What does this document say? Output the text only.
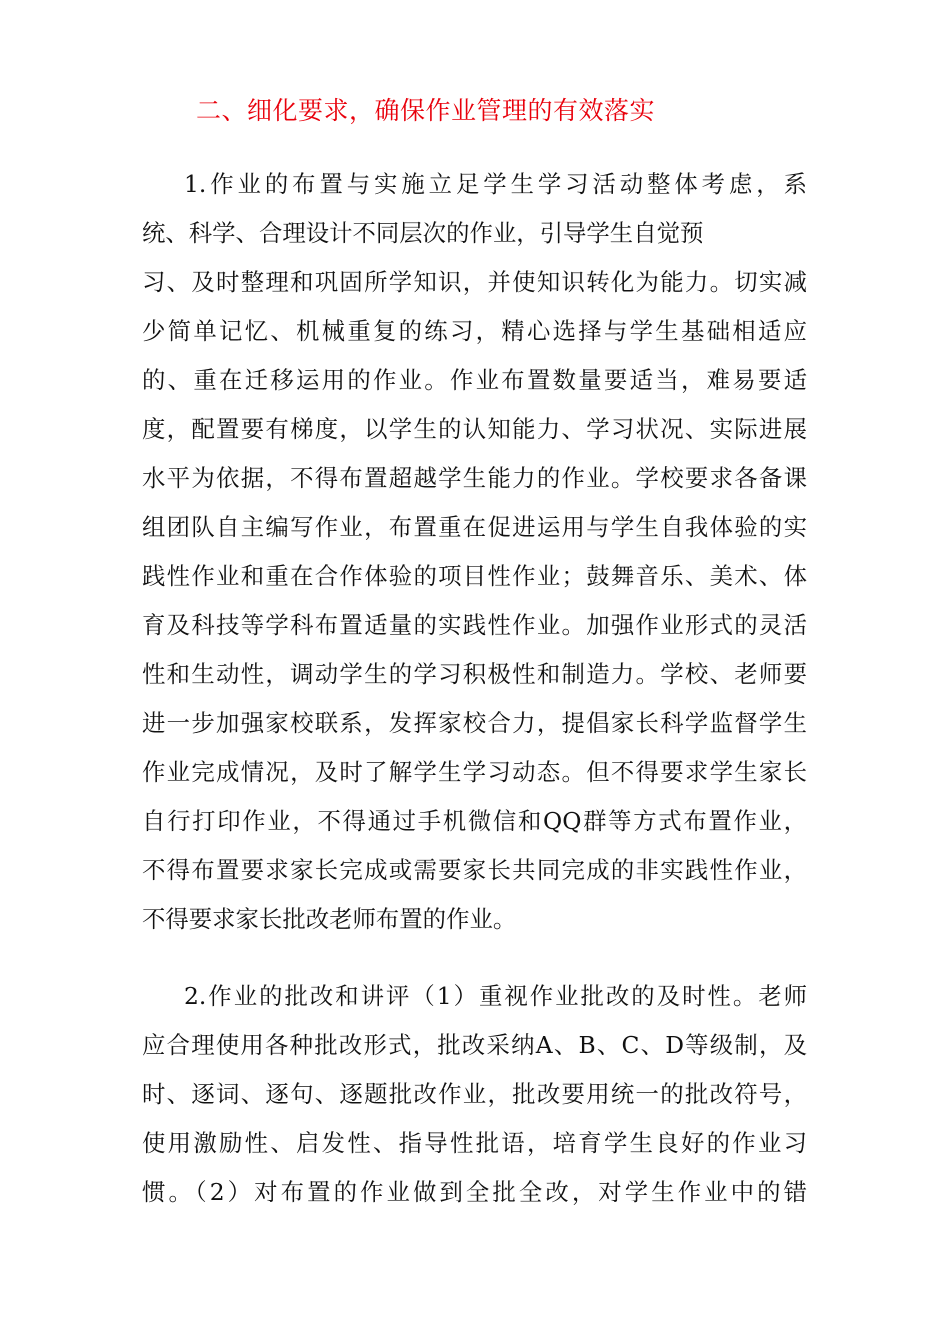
二、细化要求，确保作业管理的有效落实
1.作业的布置与实施立足学生学习活动整体考虑，系
统、科学、合理设计不同层次的作业，引导学生自觉预
习、及时整理和巩固所学知识，并使知识转化为能力。切实减
少简单记忆、机械重复的练习，精心选择与学生基础相适应
的、重在迁移运用的作业。作业布置数量要适当，难易要适
度，配置要有梯度，以学生的认知能力、学习状况、实际进展
水平为依据，不得布置超越学生能力的作业。学校要求各备课
组团队自主编写作业，布置重在促进运用与学生自我体验的实
践性作业和重在合作体验的项目性作业；鼓舞音乐、美术、体
育及科技等学科布置适量的实践性作业。加强作业形式的灵活
性和生动性，调动学生的学习积极性和制造力。学校、老师要
进一步加强家校联系，发挥家校合力，提倡家长科学监督学生
作业完成情况，及时了解学生学习动态。但不得要求学生家长
自行打印作业，不得通过手机微信和QQ群等方式布置作业，
不得布置要求家长完成或需要家长共同完成的非实践性作业，
不得要求家长批改老师布置的作业。
2.作业的批改和讲评（1）重视作业批改的及时性。老师
应合理使用各种批改形式，批改采纳A、B、C、D等级制，及
时、逐词、逐句、逐题批改作业，批改要用统一的批改符号，
使用激励性、启发性、指导性批语，培育学生良好的作业习
惯。（2）对布置的作业做到全批全改，对学生作业中的错
